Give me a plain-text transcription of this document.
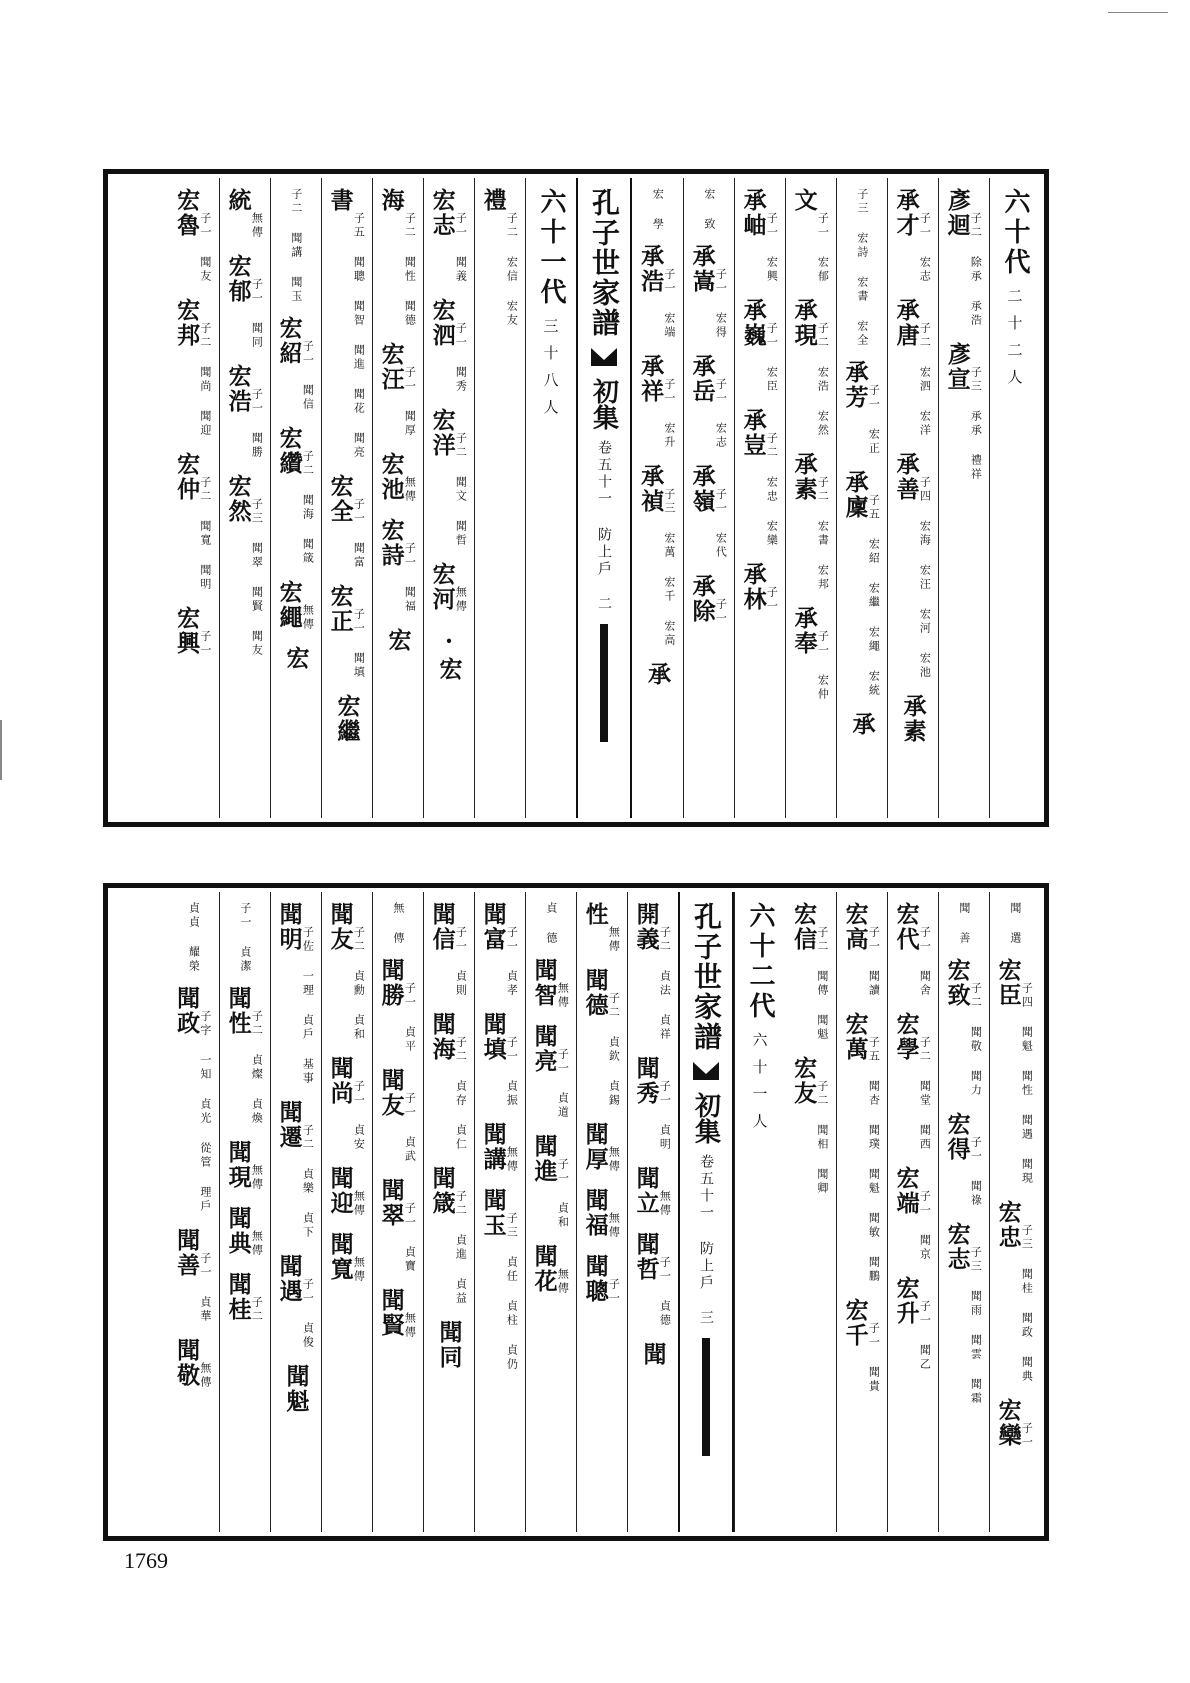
六十代
二十二人
彥迴
子二 除承 承浩
彥宣
子三 承承 禮祥
承才
子一 宏志
承唐
子二 宏泗 宏洋
承善
子四 宏海 宏汪 宏河 宏池
承素
子三 宏詩 宏書 宏全
承芳
子一 宏正
承廩
子五 宏紹 宏繼 宏繩 宏統
承
文
子一 宏郁
承現
子二 宏浩 宏然
承素
子二 宏書 宏邦
承奉
子一 宏仲
承岫
子一 宏興
承巍
子一 宏臣
承豈
子二 宏忠 宏欒
承林
子一
宏 致
承嵩
子一 宏得
承岳
子一 宏志
承嶺
子一 宏代
承除
子一
宏 學
承浩
子一 宏端
承祥
子一 宏升
承禎
子三 宏萬 宏千 宏高
承
孔子世家譜
初集
卷五十一 防上戶
二
六十一代
三十八人
禮
子二 宏信 宏友
宏志
子一 聞義
宏泗
子一 聞秀
宏洋
子二 聞文 聞哲
宏河
無傳
·宏
海
子二 聞性 聞德
宏汪
子一 聞厚
宏池
無傳
宏詩
子一 聞福
宏
書
子五 聞聰 聞智 聞進 聞花 聞亮
宏全
子一 聞富
宏正
子一 聞填
宏繼
子二 聞講 聞玉
宏紹
子一 聞信
宏纘
子二 聞海 聞箴
宏繩
無傳
宏
統
無傳
宏郁
子一 聞同
宏浩
子一 聞勝
宏然
子三 聞翠 聞賢 聞友
宏魯
子一 聞友
宏邦
子二 聞尚 聞迎
宏仲
子二 聞寬 聞明
宏興
子一
聞 選
宏臣
子四 聞魁 聞性 聞遇 聞現
宏忠
子三 聞桂 聞政 聞典
宏欒
子一
聞 善
宏致
子二 聞敬 聞力
宏得
子一 聞祿
宏志
子三 聞雨 聞雲 聞霜
宏代
子一 聞舍
宏學
子二 聞堂 聞西
宏端
子一 聞京
宏升
子一 聞乙
宏高
子一 聞讀
宏萬
子五 聞杏 聞璞 聞魁 聞敏 聞鵬
宏千
子一 聞貴
宏信
子二 聞傳 聞魁
宏友
子二 聞相 聞卿
六十二代
六十一人
孔子世家譜
初集
卷五十一 防上戶
三
開義
子二 貞法 貞祥
聞秀
子一 貞明
聞立
無傳
聞哲
子一 貞德
聞
性
無傳
聞德
子二 貞欽 貞錫
聞厚
無傳
聞福
無傳
聞聰
子一
貞 德
聞智
無傳
聞亮
子一 貞道
聞進
子一 貞和
聞花
無傳
聞富
子一 貞孝
聞填
子一 貞振
聞講
無傳
聞玉
子三 貞任 貞柱 貞仍
聞信
子一 貞則
聞海
子二 貞存 貞仁
聞箴
子二 貞進 貞益
聞同
無 傳
聞勝
子一 貞平
聞友
子一 貞武
聞翠
子一 貞寶
聞賢
無傳
聞友
子二 貞勳 貞和
聞尚
子一 貞安
聞迎
無傳
聞寬
無傳
聞明
子佐 一理 貞戶 基事
聞遷
子二 貞樂 貞下
聞遇
子一 貞俊
聞魁
子一 貞潔
聞性
子二 貞燦 貞煥
聞現
無傳
聞典
無傳
聞桂
子二
貞貞 耀榮
聞政
子字 一知 貞光 從管 理戶
聞善
子一 貞華
聞敬
無傳
1769
